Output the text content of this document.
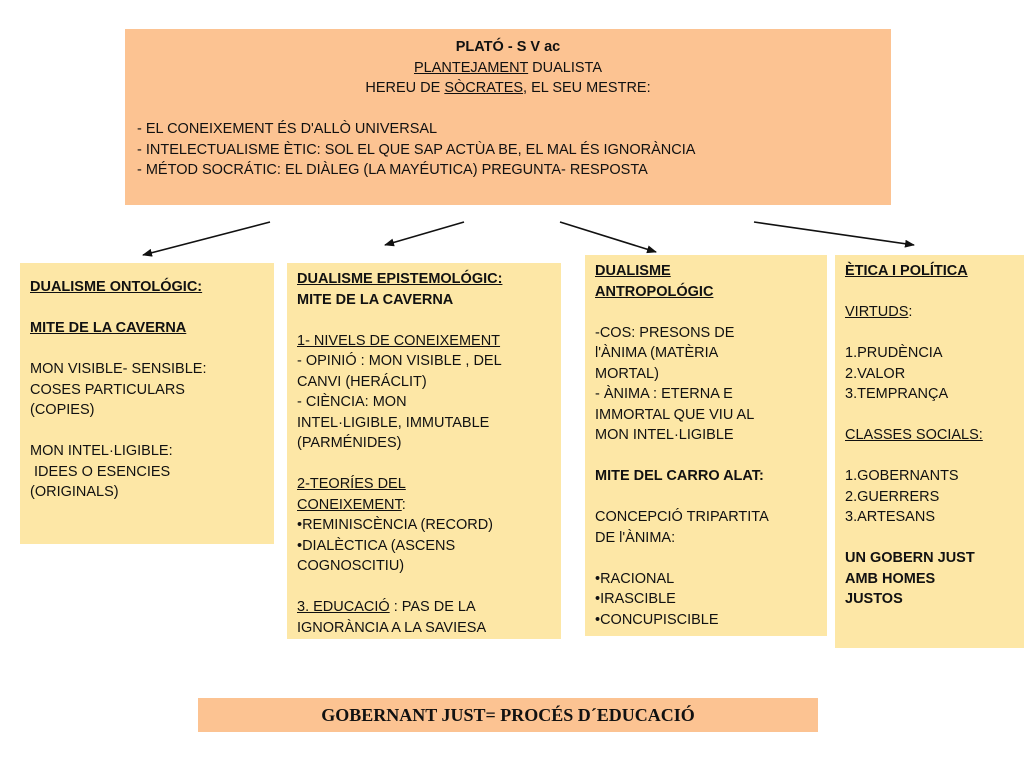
PLATÓ - S V ac
PLANTEJAMENT DUALISTA
HEREU DE SÒCRATES, EL SEU MESTRE:
- EL CONEIXEMENT ÉS D'ALLÒ UNIVERSAL
- INTELECTUALISME ÈTIC: SOL EL QUE SAP ACTÙA BE, EL MAL ÉS IGNORÀNCIA
- MÉTOD SOCRÁTIC: EL DIÀLEG (LA MAYÉUTICA) PREGUNTA- RESPOSTA
DUALISME ONTOLÓGIC:
MITE DE LA CAVERNA
MON VISIBLE- SENSIBLE:
COSES PARTICULARS
(COPIES)
MON INTEL·LIGIBLE:
IDEES O ESENCIES
(ORIGINALS)
DUALISME EPISTEMOLÓGIC:
MITE DE LA CAVERNA
1- NIVELS DE CONEIXEMENT
- OPINIÓ : MON VISIBLE , DEL
CANVI (HERÁCLIT)
- CIÈNCIA: MON
INTEL·LIGIBLE, IMMUTABLE
(PARMÉNIDES)
2-TEORÍES DEL
CONEIXEMENT:
•REMINISCÈNCIA (RECORD)
•DIALÈCTICA (ASCENS
COGNOSCITIU)
3. EDUCACIÓ : PAS DE LA
IGNORÀNCIA A LA SAVIESA
DUALISME
ANTROPOLÓGIC
-COS: PRESONS DE
l'ÀNIMA (MATÈRIA
MORTAL)
- ÀNIMA : ETERNA E
IMMORTAL QUE VIU AL
MON INTEL·LIGIBLE
MITE DEL CARRO ALAT:
CONCEPCIÓ TRIPARTITA
DE l'ÀNIMA:
•RACIONAL
•IRASCIBLE
•CONCUPISCIBLE
ÈTICA I POLÍTICA
VIRTUDS:
1.PRUDÈNCIA
2.VALOR
3.TEMPRANÇA
CLASSES SOCIALS:
1.GOBERNANTS
2.GUERRERS
3.ARTESANS
UN GOBERN JUST
AMB HOMES
JUSTOS
GOBERNANT JUST= PROCÉS D´EDUCACIÓ
